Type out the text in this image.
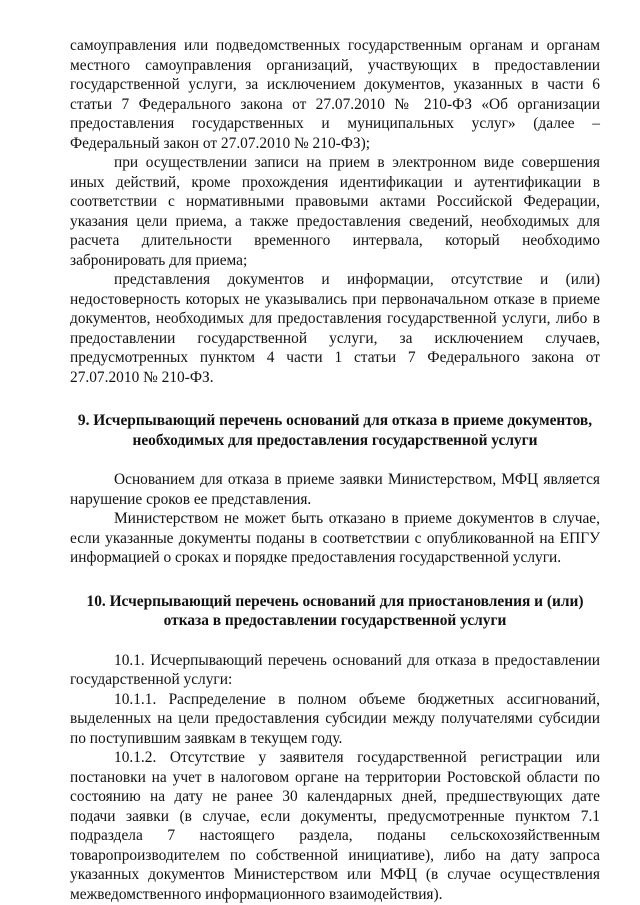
самоуправления или подведомственных государственным органам и органам местного самоуправления организаций, участвующих в предоставлении государственной услуги, за исключением документов, указанных в части 6 статьи 7 Федерального закона от 27.07.2010 № 210-ФЗ «Об организации предоставления государственных и муниципальных услуг» (далее – Федеральный закон от 27.07.2010 № 210-ФЗ);

при осуществлении записи на прием в электронном виде совершения иных действий, кроме прохождения идентификации и аутентификации в соответствии с нормативными правовыми актами Российской Федерации, указания цели приема, а также предоставления сведений, необходимых для расчета длительности временного интервала, который необходимо забронировать для приема;

представления документов и информации, отсутствие и (или) недостоверность которых не указывались при первоначальном отказе в приеме документов, необходимых для предоставления государственной услуги, либо в предоставлении государственной услуги, за исключением случаев, предусмотренных пунктом 4 части 1 статьи 7 Федерального закона от 27.07.2010 № 210-ФЗ.

9. Исчерпывающий перечень оснований для отказа в приеме документов, необходимых для предоставления государственной услуги

Основанием для отказа в приеме заявки Министерством, МФЦ является нарушение сроков ее представления.

Министерством не может быть отказано в приеме документов в случае, если указанные документы поданы в соответствии с опубликованной на ЕПГУ информацией о сроках и порядке предоставления государственной услуги.

10. Исчерпывающий перечень оснований для приостановления и (или) отказа в предоставлении государственной услуги

10.1. Исчерпывающий перечень оснований для отказа в предоставлении государственной услуги:

10.1.1. Распределение в полном объеме бюджетных ассигнований, выделенных на цели предоставления субсидии между получателями субсидии по поступившим заявкам в текущем году.

10.1.2. Отсутствие у заявителя государственной регистрации или постановки на учет в налоговом органе на территории Ростовской области по состоянию на дату не ранее 30 календарных дней, предшествующих дате подачи заявки (в случае, если документы, предусмотренные пунктом 7.1 подраздела 7 настоящего раздела, поданы сельскохозяйственным товаропроизводителем по собственной инициативе), либо на дату запроса указанных документов Министерством или МФЦ (в случае осуществления межведомственного информационного взаимодействия).
